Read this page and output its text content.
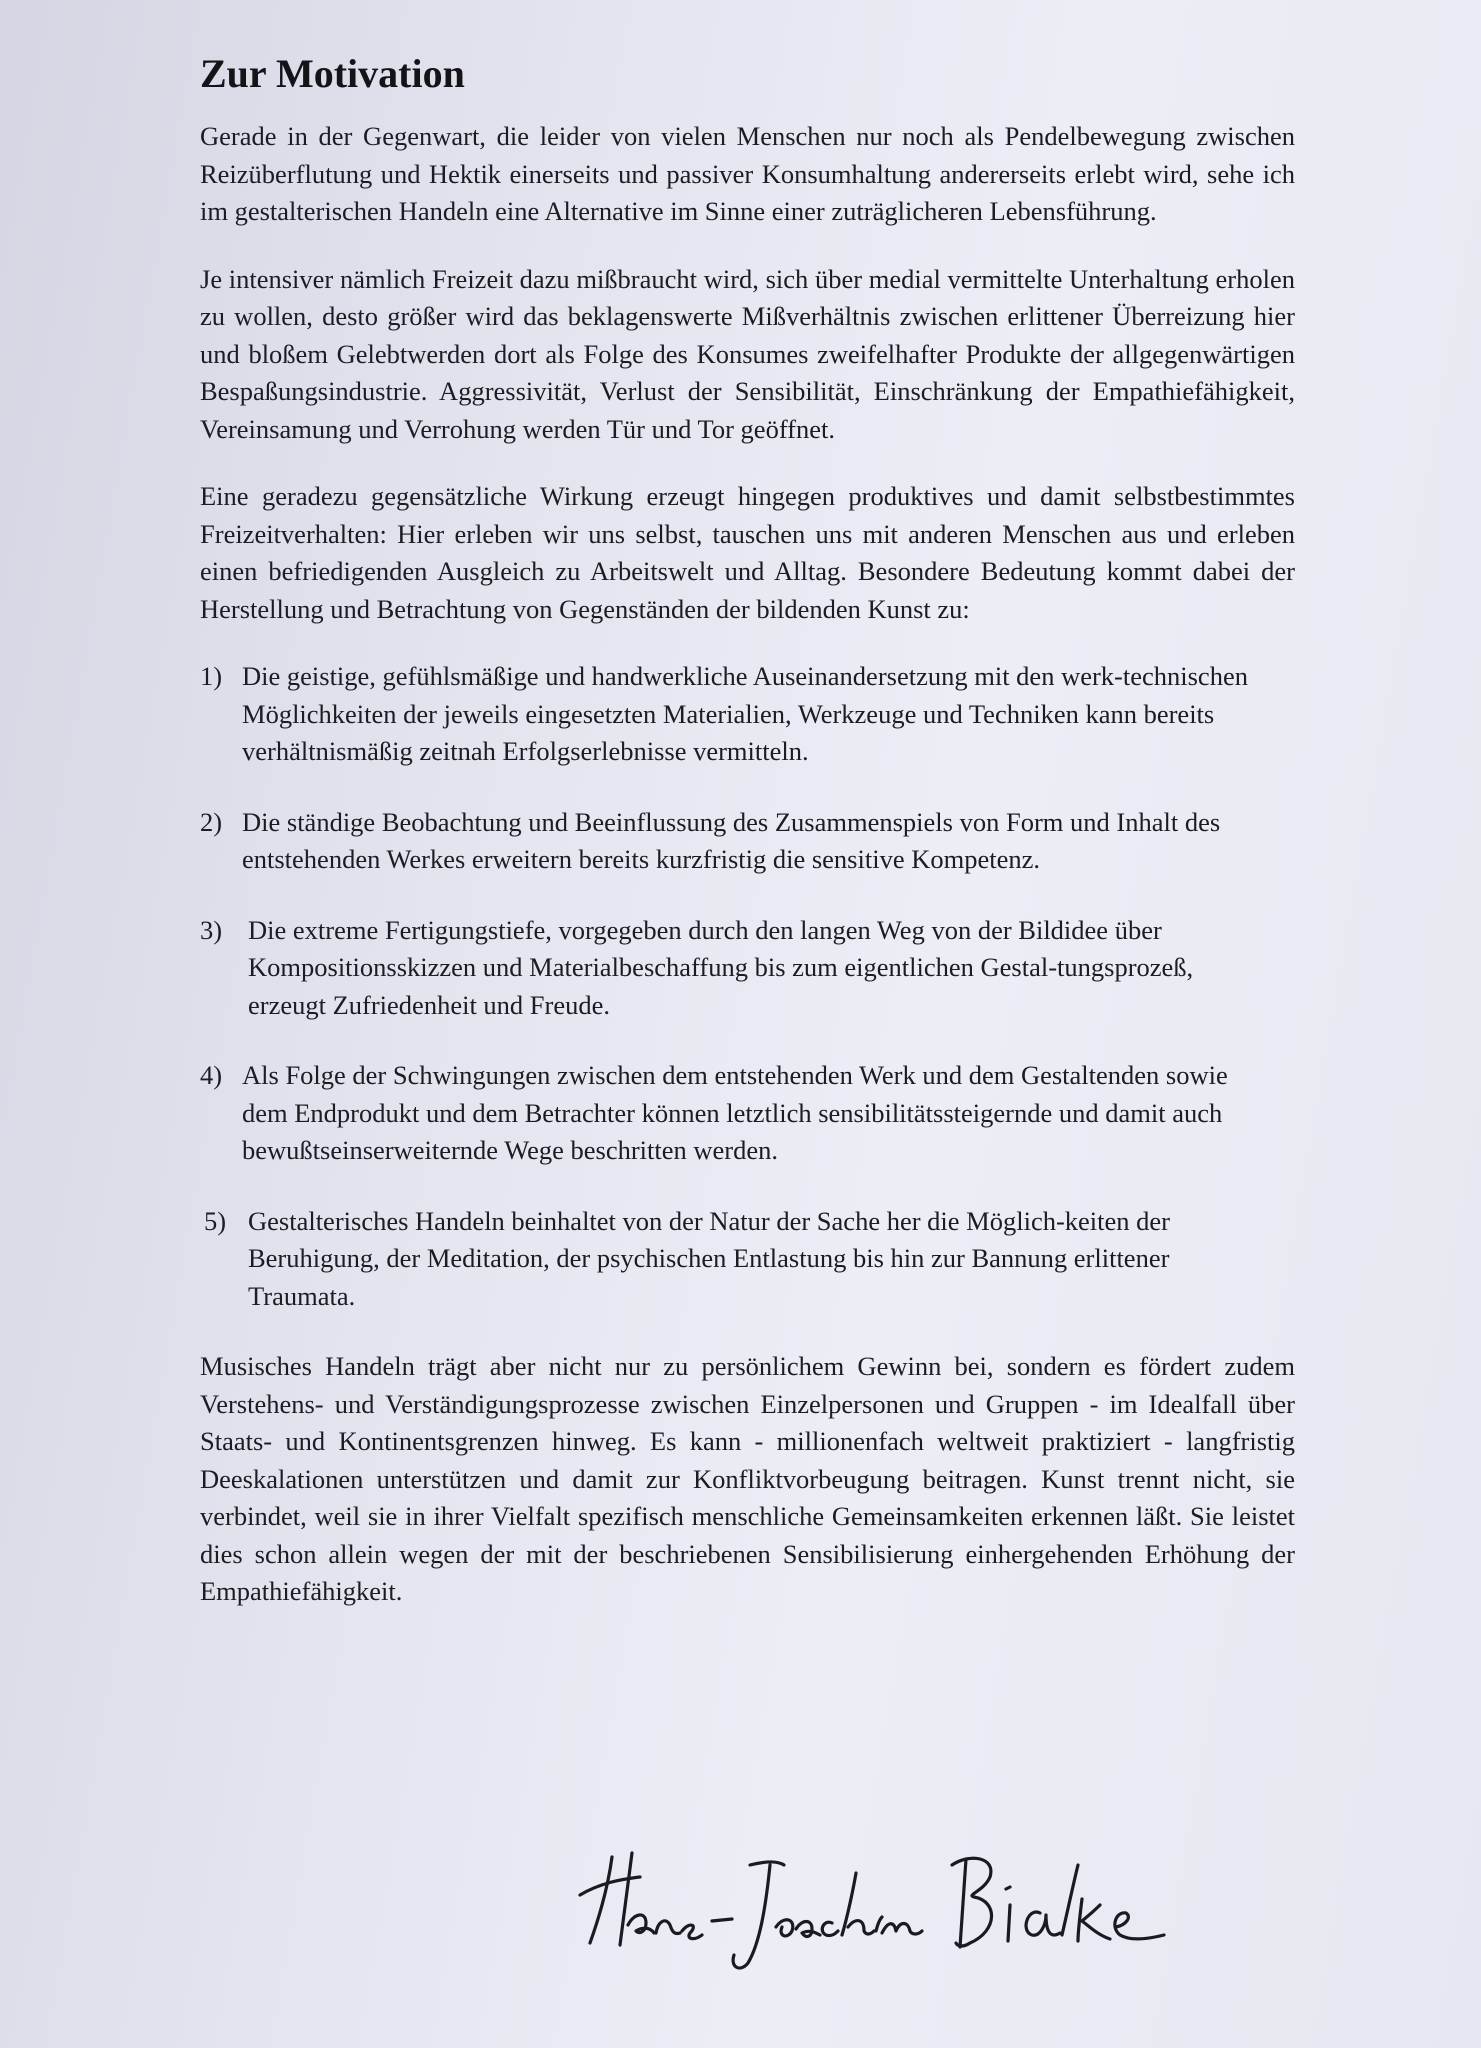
Zur Motivation

Gerade in der Gegenwart, die leider von vielen Menschen nur noch als Pendelbewegung zwischen Reizüberflutung und Hektik einerseits und passiver Konsumhaltung andererseits erlebt wird, sehe ich im gestalterischen Handeln eine Alternative im Sinne einer zuträglicheren Lebensführung.

Je intensiver nämlich Freizeit dazu mißbraucht wird, sich über medial vermittelte Unterhaltung erholen zu wollen, desto größer wird das beklagenswerte Mißverhältnis zwischen erlittener Überreizung hier und bloßem Gelebtwerden dort als Folge des Konsumes zweifelhafter Produkte der allgegenwärtigen Bespaßungsindustrie. Aggressivität, Verlust der Sensibilität, Einschränkung der Empathiefähigkeit, Vereinsamung und Verrohung werden Tür und Tor geöffnet.

Eine geradezu gegensätzliche Wirkung erzeugt hingegen produktives und damit selbstbestimmtes Freizeitverhalten: Hier erleben wir uns selbst, tauschen uns mit anderen Menschen aus und erleben einen befriedigenden Ausgleich zu Arbeitswelt und Alltag. Besondere Bedeutung kommt dabei der Herstellung und Betrachtung von Gegenständen der bildenden Kunst zu:

1) Die geistige, gefühlsmäßige und handwerkliche Auseinandersetzung mit den werk-technischen Möglichkeiten der jeweils eingesetzten Materialien, Werkzeuge und Techniken kann bereits verhältnismäßig zeitnah Erfolgserlebnisse vermitteln.
2) Die ständige Beobachtung und Beeinflussung des Zusammenspiels von Form und Inhalt des entstehenden Werkes erweitern bereits kurzfristig die sensitive Kompetenz.
3) Die extreme Fertigungstiefe, vorgegeben durch den langen Weg von der Bildidee über Kompositionsskizzen und Materialbeschaffung bis zum eigentlichen Gestal-tungsprozeß, erzeugt Zufriedenheit und Freude.
4) Als Folge der Schwingungen zwischen dem entstehenden Werk und dem Gestaltenden sowie dem Endprodukt und dem Betrachter können letztlich sensibilitätssteigernde und damit auch bewußtseinserweiternde Wege beschritten werden.
5) Gestalterisches Handeln beinhaltet von der Natur der Sache her die Möglich-keiten der Beruhigung, der Meditation, der psychischen Entlastung bis hin zur Bannung erlittener Traumata.

Musisches Handeln trägt aber nicht nur zu persönlichem Gewinn bei, sondern es fördert zudem Verstehens- und Verständigungsprozesse zwischen Einzelpersonen und Gruppen - im Idealfall über Staats- und Kontinentsgrenzen hinweg. Es kann - millionenfach weltweit praktiziert - langfristig Deeskalationen unterstützen und damit zur Konfliktvorbeugung beitragen. Kunst trennt nicht, sie verbindet, weil sie in ihrer Vielfalt spezifisch menschliche Gemeinsamkeiten erkennen läßt. Sie leistet dies schon allein wegen der mit der beschriebenen Sensibilisierung einhergehenden Erhöhung der Empathiefähigkeit.
